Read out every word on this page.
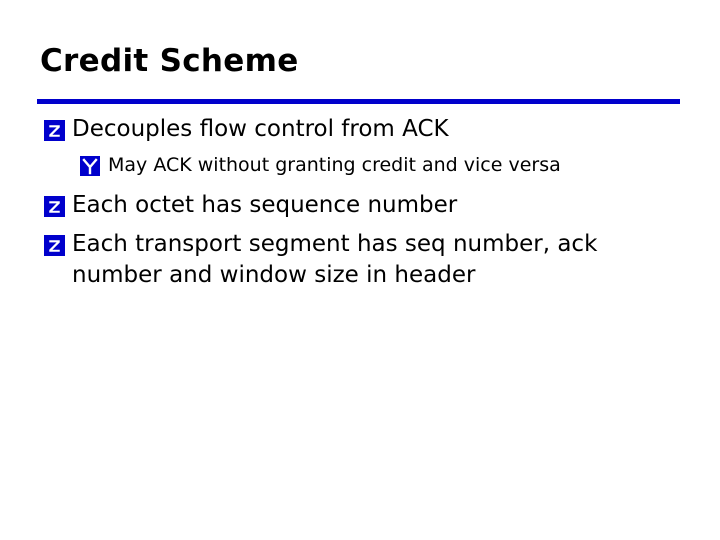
Credit Scheme
Decouples flow control from ACK
May ACK without granting credit and vice versa
Each octet has sequence number
Each transport segment has seq number, ack
number and window size in header
